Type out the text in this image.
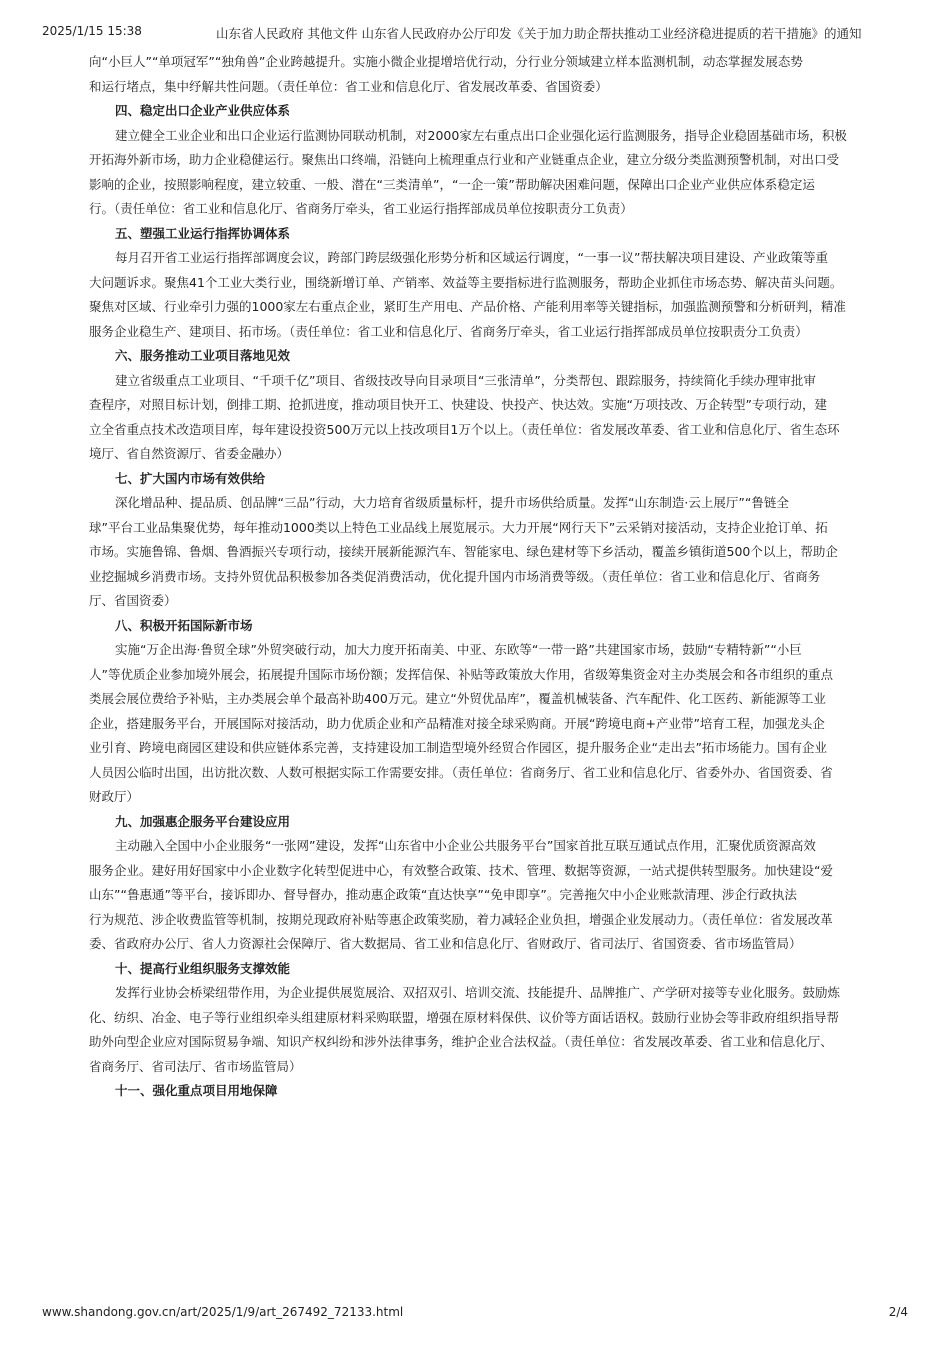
2025/1/15 15:38	山东省人民政府 其他文件 山东省人民政府办公厅印发《关于加力助企帮扶推动工业经济稳进提质的若干措施》的通知
向“小巨人”“单项冠军”“独角兽”企业跨越提升。实施小微企业提增培优行动，分行业分领域建立样本监测机制，动态掌握发展态势
和运行堵点，集中纾解共性问题。（责任单位：省工业和信息化厅、省发展改革委、省国资委）
四、稳定出口企业产业供应体系
建立健全工业企业和出口企业运行监测协同联动机制，对2000家左右重点出口企业强化运行监测服务，指导企业稳固基础市场，积极
开拓海外新市场，助力企业稳健运行。聚焦出口终端，沿链向上梳理重点行业和产业链重点企业，建立分级分类监测预警机制，对出口受
影响的企业，按照影响程度，建立较重、一般、潜在“三类清单”，“一企一策”帮助解决困难问题，保障出口企业产业供应体系稳定运
行。（责任单位：省工业和信息化厅、省商务厅牵头，省工业运行指挥部成员单位按职责分工负责）
五、塑强工业运行指挥协调体系
每月召开省工业运行指挥部调度会议，跨部门跨层级强化形势分析和区域运行调度，“一事一议”帮扶解决项目建设、产业政策等重
大问题诉求。聚焦41个工业大类行业，围绕新增订单、产销率、效益等主要指标进行监测服务，帮助企业抓住市场态势、解决苗头问题。
聚焦对区域、行业牵引力强的1000家左右重点企业，紧盯生产用电、产品价格、产能利用率等关键指标，加强监测预警和分析研判，精准
服务企业稳生产、建项目、拓市场。（责任单位：省工业和信息化厅、省商务厅牵头，省工业运行指挥部成员单位按职责分工负责）
六、服务推动工业项目落地见效
建立省级重点工业项目、“千项千亿”项目、省级技改导向目录项目“三张清单”，分类帮包、跟踪服务，持续简化手续办理审批审
查程序，对照目标计划，倒排工期、抢抓进度，推动项目快开工、快建设、快投产、快达效。实施“万项技改、万企转型”专项行动，建
立全省重点技术改造项目库，每年建设投资500万元以上技改项目1万个以上。（责任单位：省发展改革委、省工业和信息化厅、省生态环
境厅、省自然资源厅、省委金融办）
七、扩大国内市场有效供给
深化增品种、提品质、创品牌“三品”行动，大力培育省级质量标杆，提升市场供给质量。发挥“山东制造·云上展厅”“鲁链全
球”平台工业品集聚优势，每年推动1000类以上特色工业品线上展览展示。大力开展“网行天下”云采销对接活动，支持企业抢订单、拓
市场。实施鲁锦、鲁烟、鲁酒振兴专项行动，接续开展新能源汽车、智能家电、绿色建材等下乡活动，覆盖乡镇街道500个以上，帮助企
业挖掘城乡消费市场。支持外贸优品积极参加各类促消费活动，优化提升国内市场消费等级。（责任单位：省工业和信息化厅、省商务
厅、省国资委）
八、积极开拓国际新市场
实施“万企出海·鲁贸全球”外贸突破行动，加大力度开拓南美、中亚、东欧等“一带一路”共建国家市场，鼓励“专精特新”“小巨
人”等优质企业参加境外展会，拓展提升国际市场份额；发挥信保、补贴等政策放大作用，省级筹集资金对主办类展会和各市组织的重点
类展会展位费给予补贴，主办类展会单个最高补助400万元。建立“外贸优品库”，覆盖机械装备、汽车配件、化工医药、新能源等工业
企业，搭建服务平台，开展国际对接活动，助力优质企业和产品精准对接全球采购商。开展“跨境电商+产业带”培育工程，加强龙头企
业引育、跨境电商园区建设和供应链体系完善，支持建设加工制造型境外经贸合作园区，提升服务企业“走出去”拓市场能力。国有企业
人员因公临时出国，出访批次数、人数可根据实际工作需要安排。（责任单位：省商务厅、省工业和信息化厅、省委外办、省国资委、省
财政厅）
九、加强惠企服务平台建设应用
主动融入全国中小企业服务“一张网”建设，发挥“山东省中小企业公共服务平台”国家首批互联互通试点作用，汇聚优质资源高效
服务企业。建好用好国家中小企业数字化转型促进中心，有效整合政策、技术、管理、数据等资源，一站式提供转型服务。加快建设“爱
山东”“鲁惠通”等平台，接诉即办、督导督办，推动惠企政策“直达快享”“免申即享”。完善拖欠中小企业账款清理、涉企行政执法
行为规范、涉企收费监管等机制，按期兑现政府补贴等惠企政策奖励，着力减轻企业负担，增强企业发展动力。（责任单位：省发展改革
委、省政府办公厅、省人力资源社会保障厅、省大数据局、省工业和信息化厅、省财政厅、省司法厅、省国资委、省市场监管局）
十、提高行业组织服务支撑效能
发挥行业协会桥梁纽带作用，为企业提供展览展洽、双招双引、培训交流、技能提升、品牌推广、产学研对接等专业化服务。鼓励炼
化、纺织、冶金、电子等行业组织牵头组建原材料采购联盟，增强在原材料保供、议价等方面话语权。鼓励行业协会等非政府组织指导帮
助外向型企业应对国际贸易争端、知识产权纠纷和涉外法律事务，维护企业合法权益。（责任单位：省发展改革委、省工业和信息化厅、
省商务厅、省司法厅、省市场监管局）
十一、强化重点项目用地保障
www.shandong.gov.cn/art/2025/1/9/art_267492_72133.html	2/4
